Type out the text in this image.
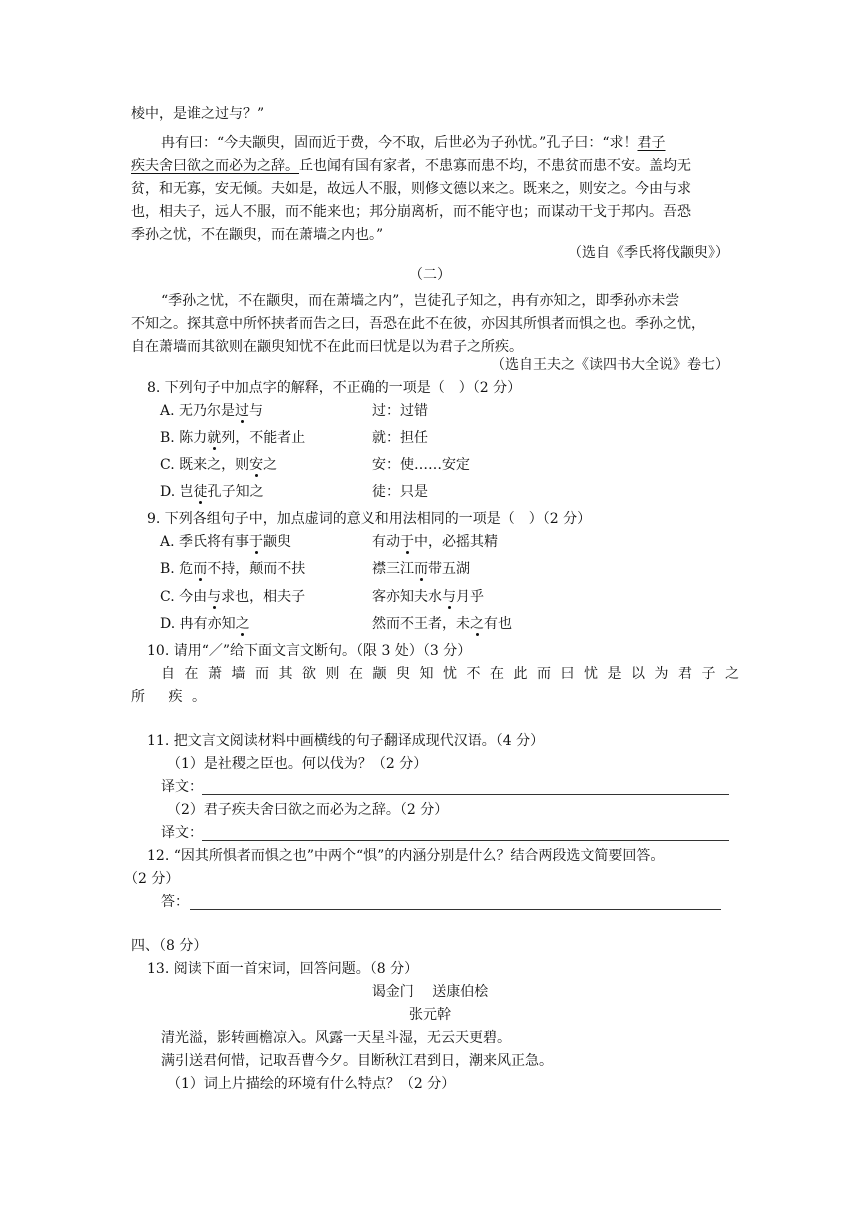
棱中，是谁之过与？”
冉有曰：“今夫颛臾，固而近于费，今不取，后世必为子孙忧。”孔子曰：“求！君子
疾夫舍曰欲之而必为之辞。丘也闻有国有家者，不患寡而患不均，不患贫而患不安。盖均无
贫，和无寡，安无倾。夫如是，故远人不服，则修文德以来之。既来之，则安之。今由与求
也，相夫子，远人不服，而不能来也；邦分崩离析，而不能守也；而谋动干戈于邦内。吾恐
季孙之忧，不在颛臾，而在萧墙之内也。”
（选自《季氏将伐颛臾》）
（二）
“季孙之忧，不在颛臾，而在萧墙之内”，岂徒孔子知之，冉有亦知之，即季孙亦未尝
不知之。探其意中所怀挟者而告之曰，吾恐在此不在彼，亦因其所惧者而惧之也。季孙之忧，
自在萧墙而其欲则在颛臾知忧不在此而曰忧是以为君子之所疾。
（选自王夫之《读四书大全说》卷七）
8. 下列句子中加点字的解释，不正确的一项是（　）（2 分）
A. 无乃尔是过与	过：过错
B. 陈力就列，不能者止	就：担任
C. 既来之，则安之	安：使……安定
D. 岂徒孔子知之	徒：只是
9. 下列各组句子中，加点虚词的意义和用法相同的一项是（　）（2 分）
A. 季氏将有事于颛臾	有动于中，必摇其精
B. 危而不持，颠而不扶	襟三江而带五湖
C. 今由与求也，相夫子	客亦知夫水与月乎
D. 冉有亦知之	然而不王者，未之有也
10. 请用“／”给下面文言文断句。（限 3 处）（3 分）
自在萧墙而其欲则在颛臾知忧不在此而曰忧是以为君子之
所 疾。
11. 把文言文阅读材料中画横线的句子翻译成现代汉语。（4 分）
（1）是社稷之臣也。何以伐为？（2 分）
译文：
（2）君子疾夫舍曰欲之而必为之辞。（2 分）
译文：
12. “因其所惧者而惧之也”中两个“惧”的内涵分别是什么？结合两段选文简要回答。
（2 分）
答：
四、（8 分）
13. 阅读下面一首宋词，回答问题。（8 分）
谒金门　 送康伯桧
张元幹
清光溢，影转画檐凉入。风露一天星斗湿，无云天更碧。
满引送君何惜，记取吾曹今夕。目断秋江君到日，潮来风正急。
（1）词上片描绘的环境有什么特点？（2 分）
